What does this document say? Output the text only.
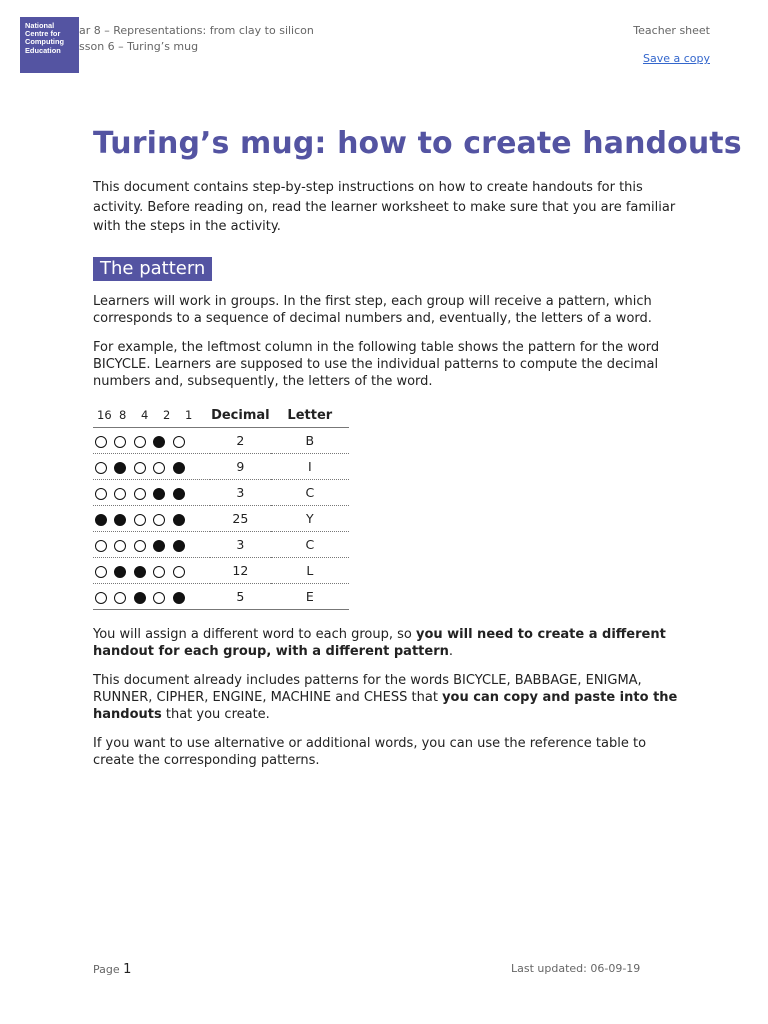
National
Centre for
Computing
Education
ar 8 – Representations: from clay to silicon
sson 6 – Turing’s mug
Teacher sheet
Save a copy
Turing’s mug: how to create handouts

This document contains step-by-step instructions on how to create handouts for this activity. Before reading on, read the learner worksheet to make sure that you are familiar with the steps in the activity.

The pattern

Learners will work in groups. In the first step, each group will receive a pattern, which corresponds to a sequence of decimal numbers and, eventually, the letters of a word.

For example, the leftmost column in the following table shows the pattern for the word BICYCLE. Learners are supposed to use the individual patterns to compute the decimal numbers and, subsequently, the letters of the word.

16 8 4 2 1	Decimal	Letter
	2	B
	9	I
	3	C
	25	Y
	3	C
	12	L
	5	E

You will assign a different word to each group, so you will need to create a different handout for each group, with a different pattern.

This document already includes patterns for the words BICYCLE, BABBAGE, ENIGMA, RUNNER, CIPHER, ENGINE, MACHINE and CHESS that you can copy and paste into the handouts that you create.

If you want to use alternative or additional words, you can use the reference table to create the corresponding patterns.

Page 1	Last updated: 06-09-19
